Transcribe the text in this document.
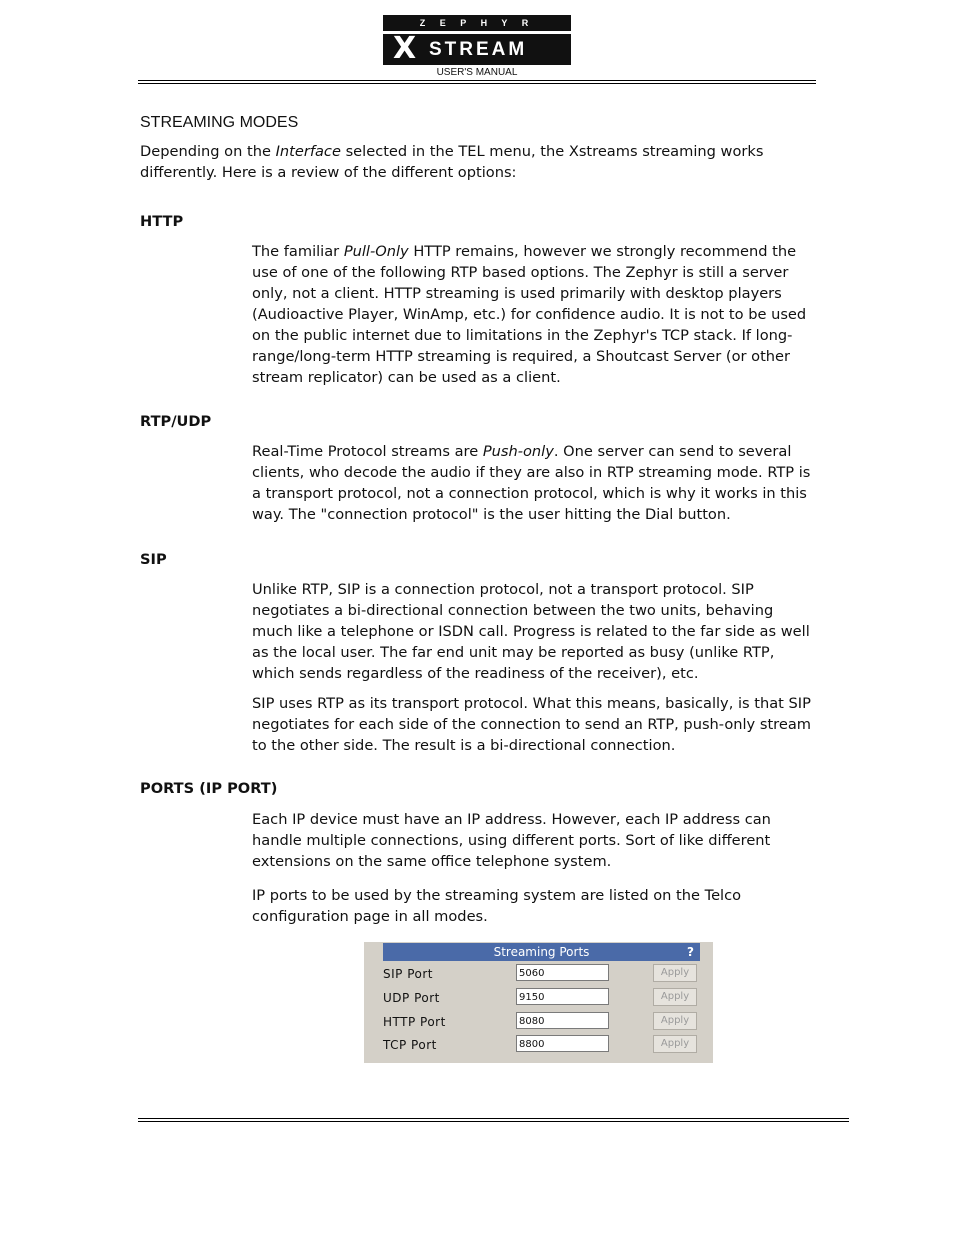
Z E P H Y R
X STREAM
USER'S MANUAL
STREAMING MODES

Depending on the Interface selected in the TEL menu, the Xstreams streaming works differently. Here is a review of the different options:

HTTP

The familiar Pull-Only HTTP remains, however we strongly recommend the use of one of the following RTP based options. The Zephyr is still a server only, not a client. HTTP streaming is used primarily with desktop players (Audioactive Player, WinAmp, etc.) for confidence audio. It is not to be used on the public internet due to limitations in the Zephyr's TCP stack. If long-range/long-term HTTP streaming is required, a Shoutcast Server (or other stream replicator) can be used as a client.

RTP/UDP

Real-Time Protocol streams are Push-only. One server can send to several clients, who decode the audio if they are also in RTP streaming mode. RTP is a transport protocol, not a connection protocol, which is why it works in this way. The "connection protocol" is the user hitting the Dial button.

SIP

Unlike RTP, SIP is a connection protocol, not a transport protocol. SIP negotiates a bi-directional connection between the two units, behaving much like a telephone or ISDN call. Progress is related to the far side as well as the local user. The far end unit may be reported as busy (unlike RTP, which sends regardless of the readiness of the receiver), etc.

SIP uses RTP as its transport protocol. What this means, basically, is that SIP negotiates for each side of the connection to send an RTP, push-only stream to the other side. The result is a bi-directional connection.

PORTS (IP PORT)

Each IP device must have an IP address. However, each IP address can handle multiple connections, using different ports. Sort of like different extensions on the same office telephone system.

IP ports to be used by the streaming system are listed on the Telco configuration page in all modes.

Streaming Ports	?
SIP Port	5060	Apply
UDP Port	9150	Apply
HTTP Port	8080	Apply
TCP Port	8800	Apply
